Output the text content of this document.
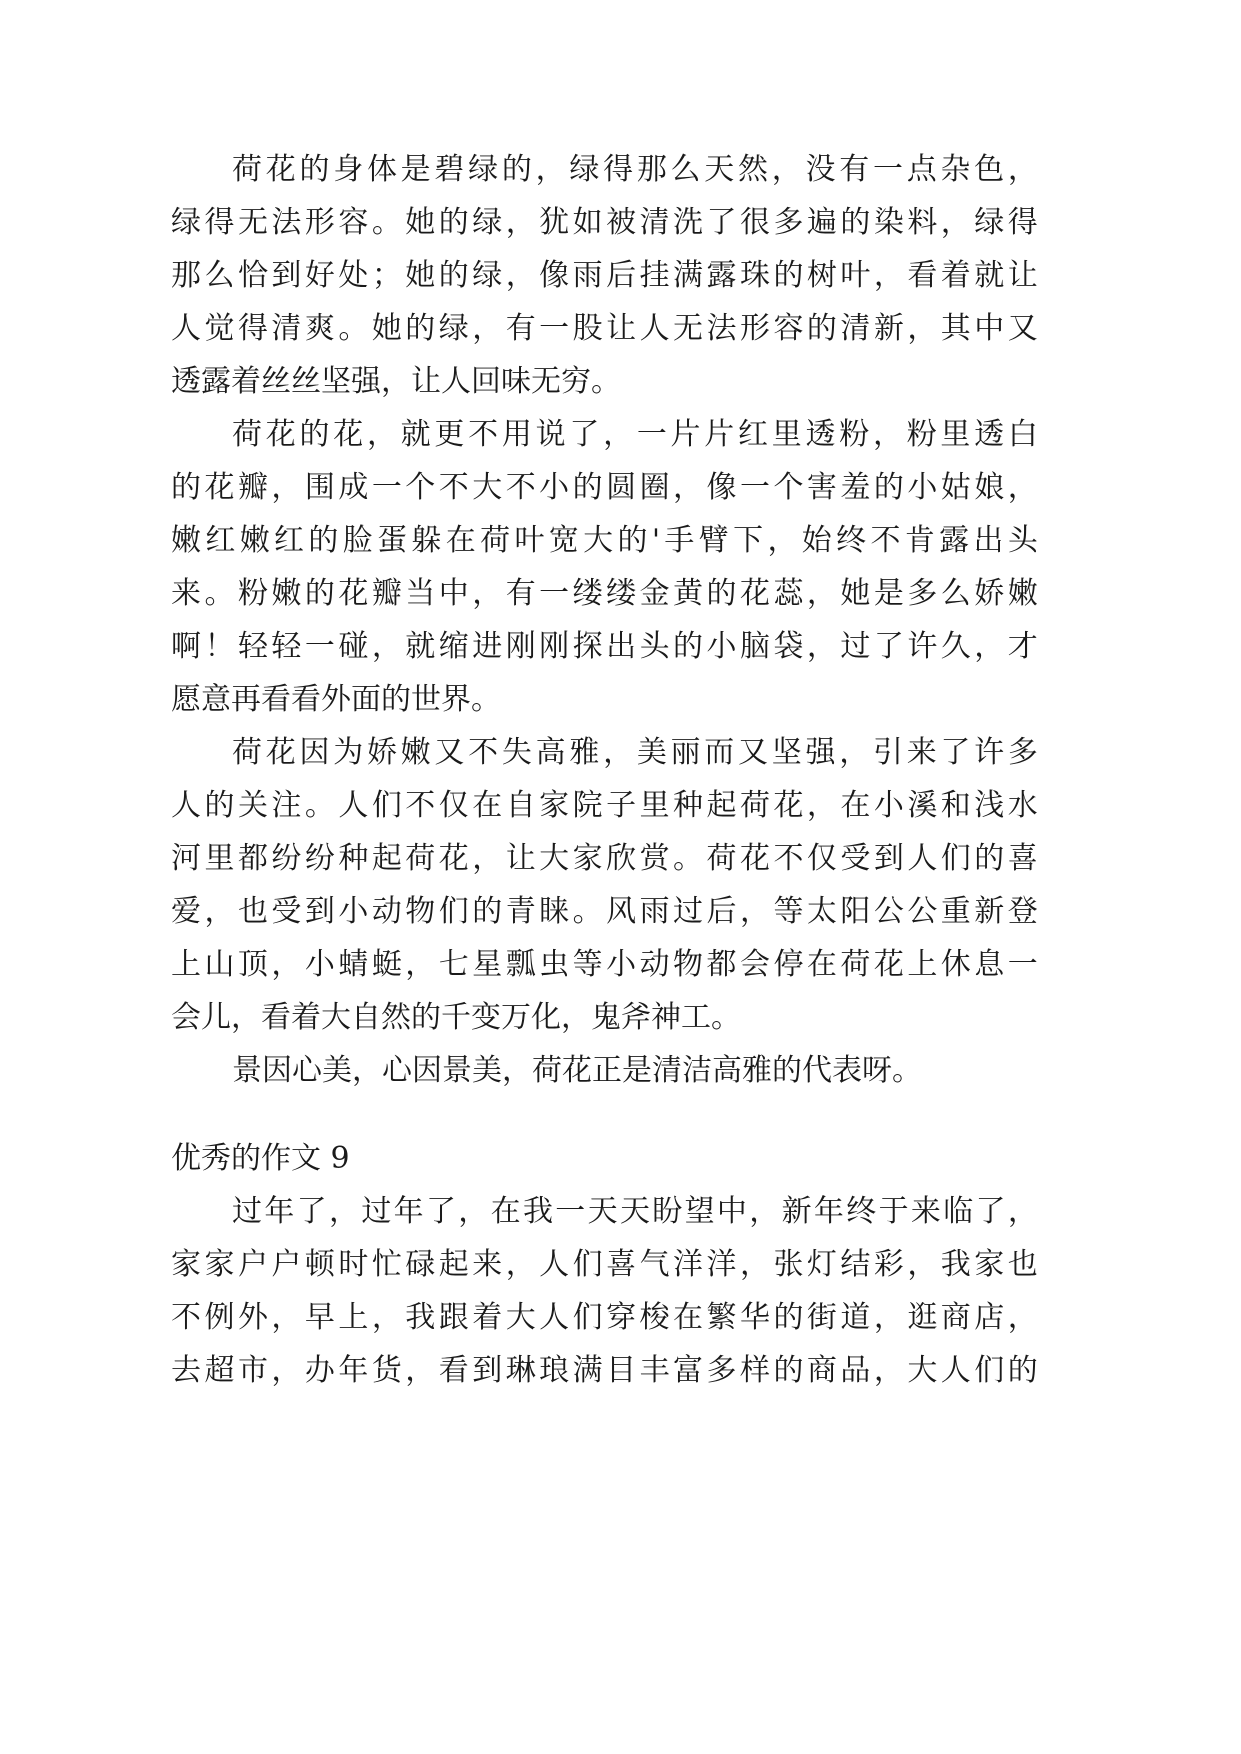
荷 花 的 身 体 是 碧 绿 的 ， 绿 得 那 么 天 然 ， 没 有 一 点 杂 色 ，
绿 得 无 法 形 容 。 她 的 绿 ， 犹 如 被 清 洗 了 很 多 遍 的 染 料 ， 绿 得
那 么 恰 到 好 处 ； 她 的 绿 ， 像 雨 后 挂 满 露 珠 的 树 叶 ， 看 着 就 让
人 觉 得 清 爽 。 她 的 绿 ， 有 一 股 让 人 无 法 形 容 的 清 新 ， 其 中 又
透露着丝丝坚强，让人回味无穷。
荷 花 的 花 ， 就 更 不 用 说 了 ， 一 片 片 红 里 透 粉 ， 粉 里 透 白
的 花 瓣 ， 围 成 一 个 不 大 不 小 的 圆 圈 ， 像 一 个 害 羞 的 小 姑 娘 ，
嫩 红 嫩 红 的 脸 蛋 躲 在 荷 叶 宽 大 的 ' 手 臂 下 ， 始 终 不 肯 露 出 头
来 。 粉 嫩 的 花 瓣 当 中 ， 有 一 缕 缕 金 黄 的 花 蕊 ， 她 是 多 么 娇 嫩
啊 ！ 轻 轻 一 碰 ， 就 缩 进 刚 刚 探 出 头 的 小 脑 袋 ， 过 了 许 久 ， 才
愿意再看看外面的世界。
荷 花 因 为 娇 嫩 又 不 失 高 雅 ， 美 丽 而 又 坚 强 ， 引 来 了 许 多
人 的 关 注 。 人 们 不 仅 在 自 家 院 子 里 种 起 荷 花 ， 在 小 溪 和 浅 水
河 里 都 纷 纷 种 起 荷 花 ， 让 大 家 欣 赏 。 荷 花 不 仅 受 到 人 们 的 喜
爱 ， 也 受 到 小 动 物 们 的 青 睐 。 风 雨 过 后 ， 等 太 阳 公 公 重 新 登
上 山 顶 ， 小 蜻 蜓 ， 七 星 瓢 虫 等 小 动 物 都 会 停 在 荷 花 上 休 息 一
会儿，看着大自然的千变万化，鬼斧神工。
景因心美，心因景美，荷花正是清洁高雅的代表呀。
优秀的作文 9
过 年 了 ， 过 年 了 ， 在 我 一 天 天 盼 望 中 ， 新 年 终 于 来 临 了 ，
家 家 户 户 顿 时 忙 碌 起 来 ， 人 们 喜 气 洋 洋 ， 张 灯 结 彩 ， 我 家 也
不 例 外 ， 早 上 ， 我 跟 着 大 人 们 穿 梭 在 繁 华 的 街 道 ， 逛 商 店 ，
去 超 市 ， 办 年 货 ， 看 到 琳 琅 满 目 丰 富 多 样 的 商 品 ， 大 人 们 的
